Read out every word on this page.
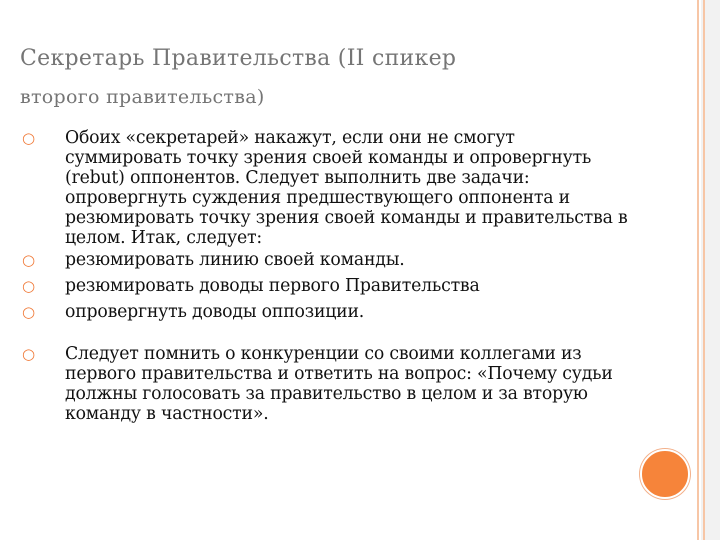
Секретарь Правительства (II спикер
второго правительства)
○ Обоих «секретарей» накажут, если они не смогут суммировать точку зрения своей команды и опровергнуть (rebut) оппонентов. Следует выполнить две задачи: опровергнуть суждения предшествующего оппонента и резюмировать точку зрения своей команды и правительства в целом. Итак, следует:
○ резюмировать линию своей команды.
○ резюмировать доводы первого Правительства
○ опровергнуть доводы оппозиции.
○ Следует помнить о конкуренции со своими коллегами из первого правительства и ответить на вопрос: «Почему судьи должны голосовать за правительство в целом и за вторую команду в частности».
